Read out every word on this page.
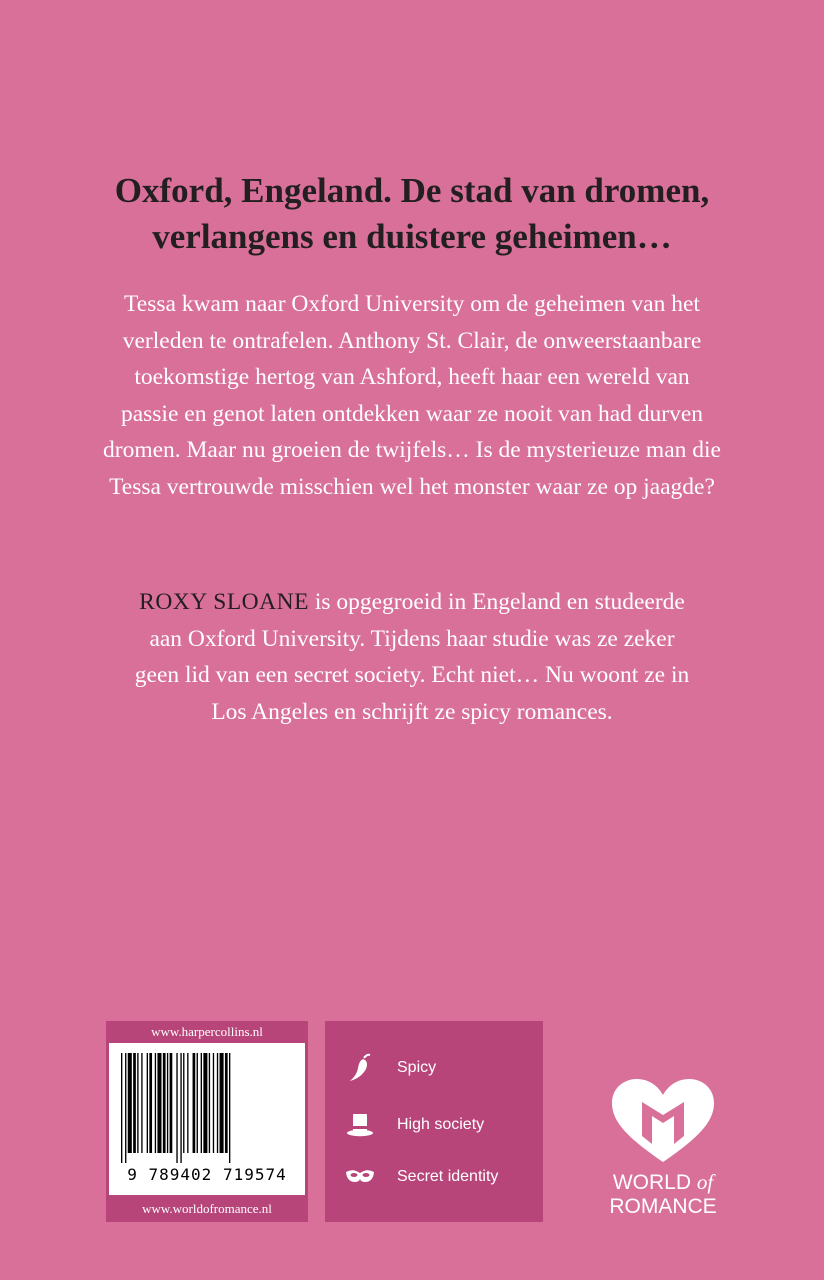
Oxford, Engeland. De stad van dromen,
verlangens en duistere geheimen…
Tessa kwam naar Oxford University om de geheimen van het
verleden te ontrafelen. Anthony St. Clair, de onweerstaanbare
toekomstige hertog van Ashford, heeft haar een wereld van
passie en genot laten ontdekken waar ze nooit van had durven
dromen. Maar nu groeien de twijfels… Is de mysterieuze man die
Tessa vertrouwde misschien wel het monster waar ze op jaagde?
ROXY SLOANE is opgegroeid in Engeland en studeerde
aan Oxford University. Tijdens haar studie was ze zeker
geen lid van een secret society. Echt niet… Nu woont ze in
Los Angeles en schrijft ze spicy romances.
www.harpercollins.nl
9 789402 719574
www.worldofromance.nl
Spicy
High society
Secret identity	WORLD of
ROMANCE
